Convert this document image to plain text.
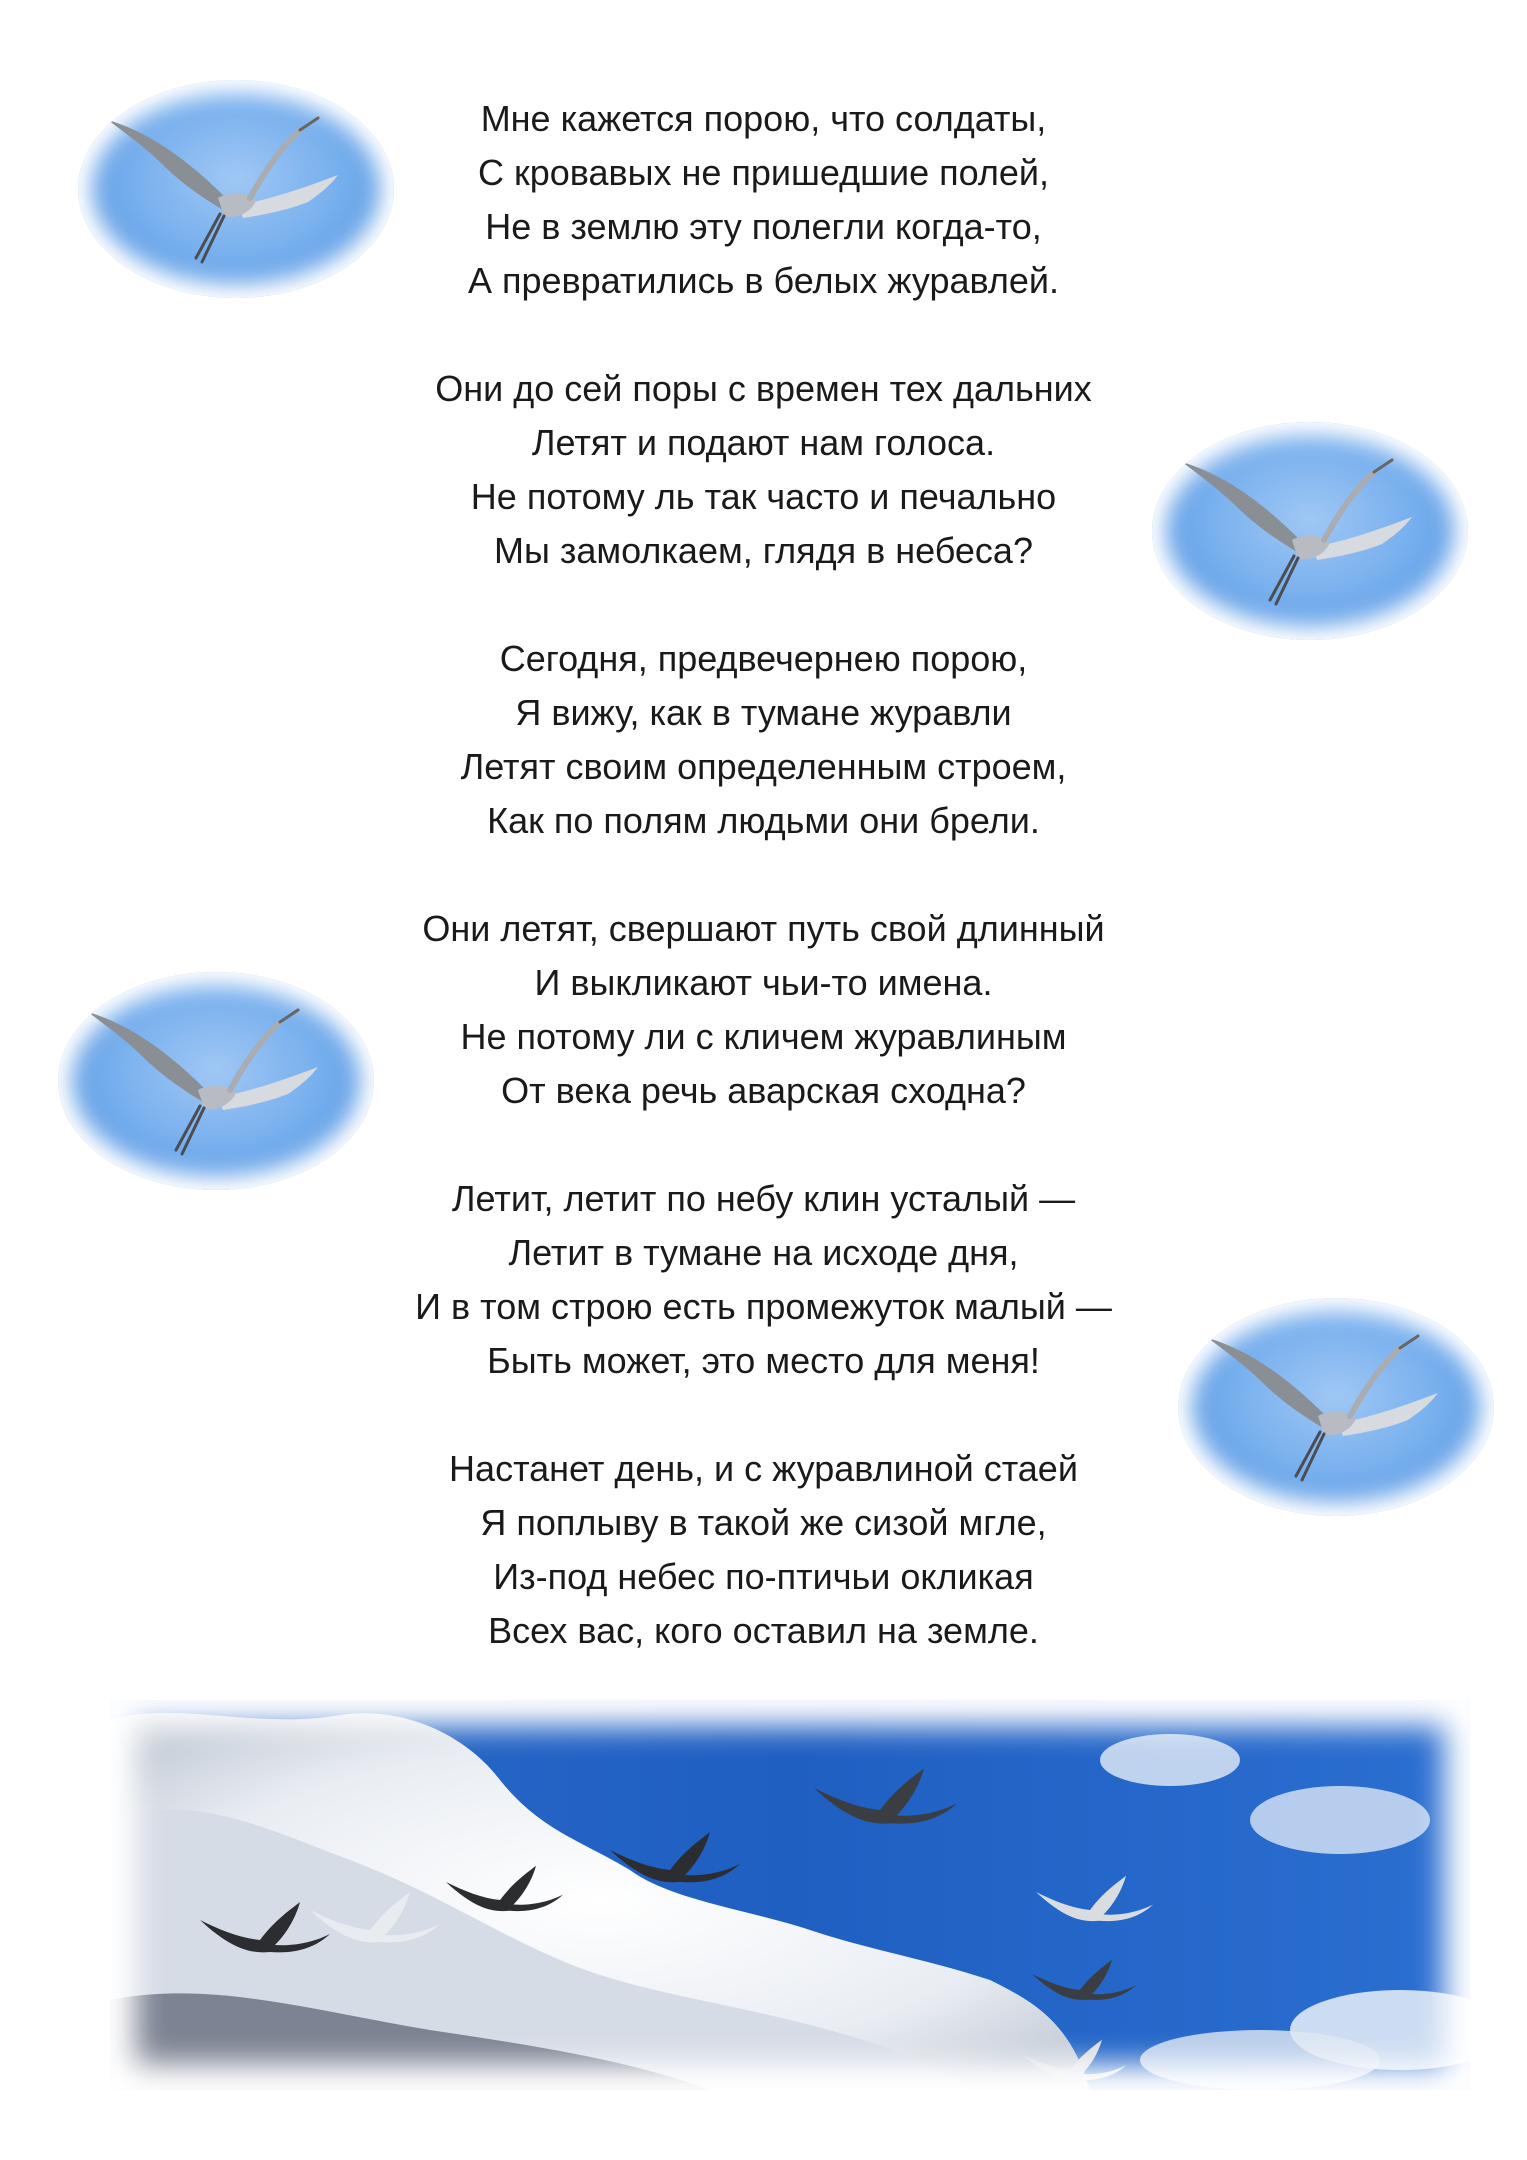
Мне кажется порою, что солдаты,
С кровавых не пришедшие полей,
Не в землю эту полегли когда-то,
А превратились в белых журавлей.
Они до сей поры с времен тех дальних
Летят и подают нам голоса.
Не потому ль так часто и печально
Мы замолкаем, глядя в небеса?
Сегодня, предвечернею порою,
Я вижу, как в тумане журавли
Летят своим определенным строем,
Как по полям людьми они брели.
Они летят, свершают путь свой длинный
И выкликают чьи-то имена.
Не потому ли с кличем журавлиным
От века речь аварская сходна?
Летит, летит по небу клин усталый —
Летит в тумане на исходе дня,
И в том строю есть промежуток малый —
Быть может, это место для меня!
Настанет день, и с журавлиной стаей
Я поплыву в такой же сизой мгле,
Из-под небес по-птичьи окликая
Всех вас, кого оставил на земле.
